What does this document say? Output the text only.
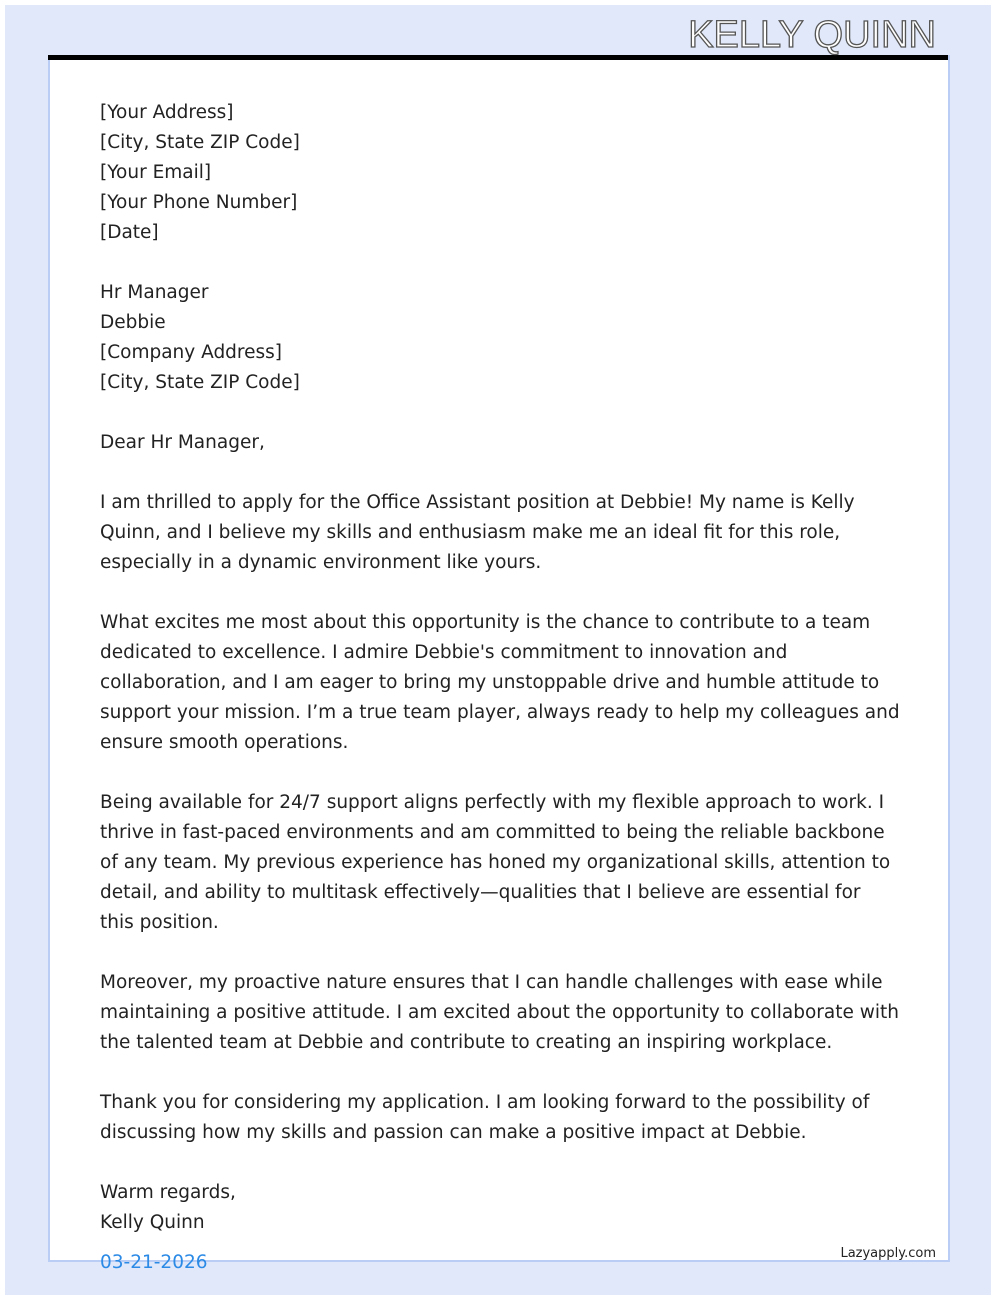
KELLY QUINN

[Your Address]
[City, State ZIP Code]
[Your Email]
[Your Phone Number]
[Date]

Hr Manager
Debbie
[Company Address]
[City, State ZIP Code]

Dear Hr Manager,

I am thrilled to apply for the Office Assistant position at Debbie! My name is Kelly Quinn, and I believe my skills and enthusiasm make me an ideal fit for this role, especially in a dynamic environment like yours.

What excites me most about this opportunity is the chance to contribute to a team dedicated to excellence. I admire Debbie's commitment to innovation and collaboration, and I am eager to bring my unstoppable drive and humble attitude to support your mission. I’m a true team player, always ready to help my colleagues and ensure smooth operations.

Being available for 24/7 support aligns perfectly with my flexible approach to work. I thrive in fast-paced environments and am committed to being the reliable backbone of any team. My previous experience has honed my organizational skills, attention to detail, and ability to multitask effectively—qualities that I believe are essential for this position.

Moreover, my proactive nature ensures that I can handle challenges with ease while maintaining a positive attitude. I am excited about the opportunity to collaborate with the talented team at Debbie and contribute to creating an inspiring workplace.

Thank you for considering my application. I am looking forward to the possibility of discussing how my skills and passion can make a positive impact at Debbie.

Warm regards,
Kelly Quinn

03-21-2026	Lazyapply.com
